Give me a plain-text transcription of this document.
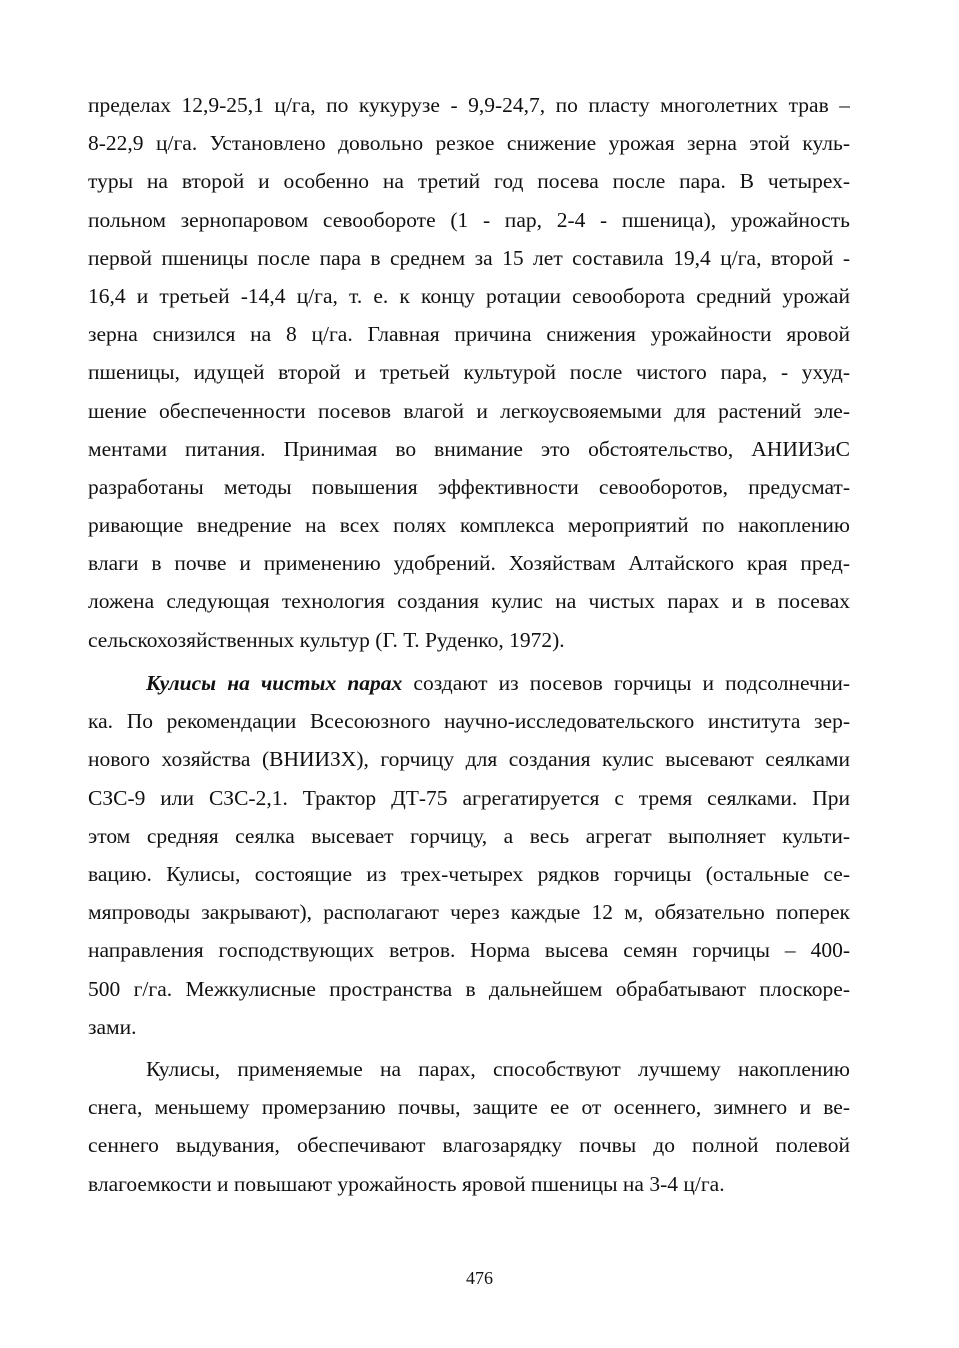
пределах 12,9-25,1 ц/га, по кукурузе - 9,9-24,7, по пласту многолетних трав –
8-22,9 ц/га. Установлено довольно резкое снижение урожая зерна этой куль-
туры на второй и особенно на третий год посева после пара. В четырех-
польном зернопаровом севообороте (1 - пар, 2-4 - пшеница), урожайность
первой пшеницы после пара в среднем за 15 лет составила 19,4 ц/га, второй -
16,4 и третьей -14,4 ц/га, т. е. к концу ротации севооборота средний урожай
зерна снизился на 8 ц/га. Главная причина снижения урожайности яровой
пшеницы, идущей второй и третьей культурой после чистого пара, - ухуд-
шение обеспеченности посевов влагой и легкоусвояемыми для растений эле-
ментами питания. Принимая во внимание это обстоятельство, АНИИЗиС
разработаны методы повышения эффективности севооборотов, предусмат-
ривающие внедрение на всех полях комплекса мероприятий по накоплению
влаги в почве и применению удобрений. Хозяйствам Алтайского края пред-
ложена следующая технология создания кулис на чистых парах и в посевах
сельскохозяйственных культур (Г. Т. Руденко, 1972).
Кулисы на чистых парах создают из посевов горчицы и подсолнечни-
ка. По рекомендации Всесоюзного научно-исследовательского института зер-
нового хозяйства (ВНИИЗХ), горчицу для создания кулис высевают сеялками
СЗС-9 или СЗС-2,1. Трактор ДТ-75 агрегатируется с тремя сеялками. При
этом средняя сеялка высевает горчицу, а весь агрегат выполняет культи-
вацию. Кулисы, состоящие из трех-четырех рядков горчицы (остальные се-
мяпроводы закрывают), располагают через каждые 12 м, обязательно поперек
направления господствующих ветров. Норма высева семян горчицы – 400-
500 г/га. Межкулисные пространства в дальнейшем обрабатывают плоскоре-
зами.
Кулисы, применяемые на парах, способствуют лучшему накоплению
снега, меньшему промерзанию почвы, защите ее от осеннего, зимнего и ве-
сеннего выдувания, обеспечивают влагозарядку почвы до полной полевой
влагоемкости и повышают урожайность яровой пшеницы на 3-4 ц/га.
476
